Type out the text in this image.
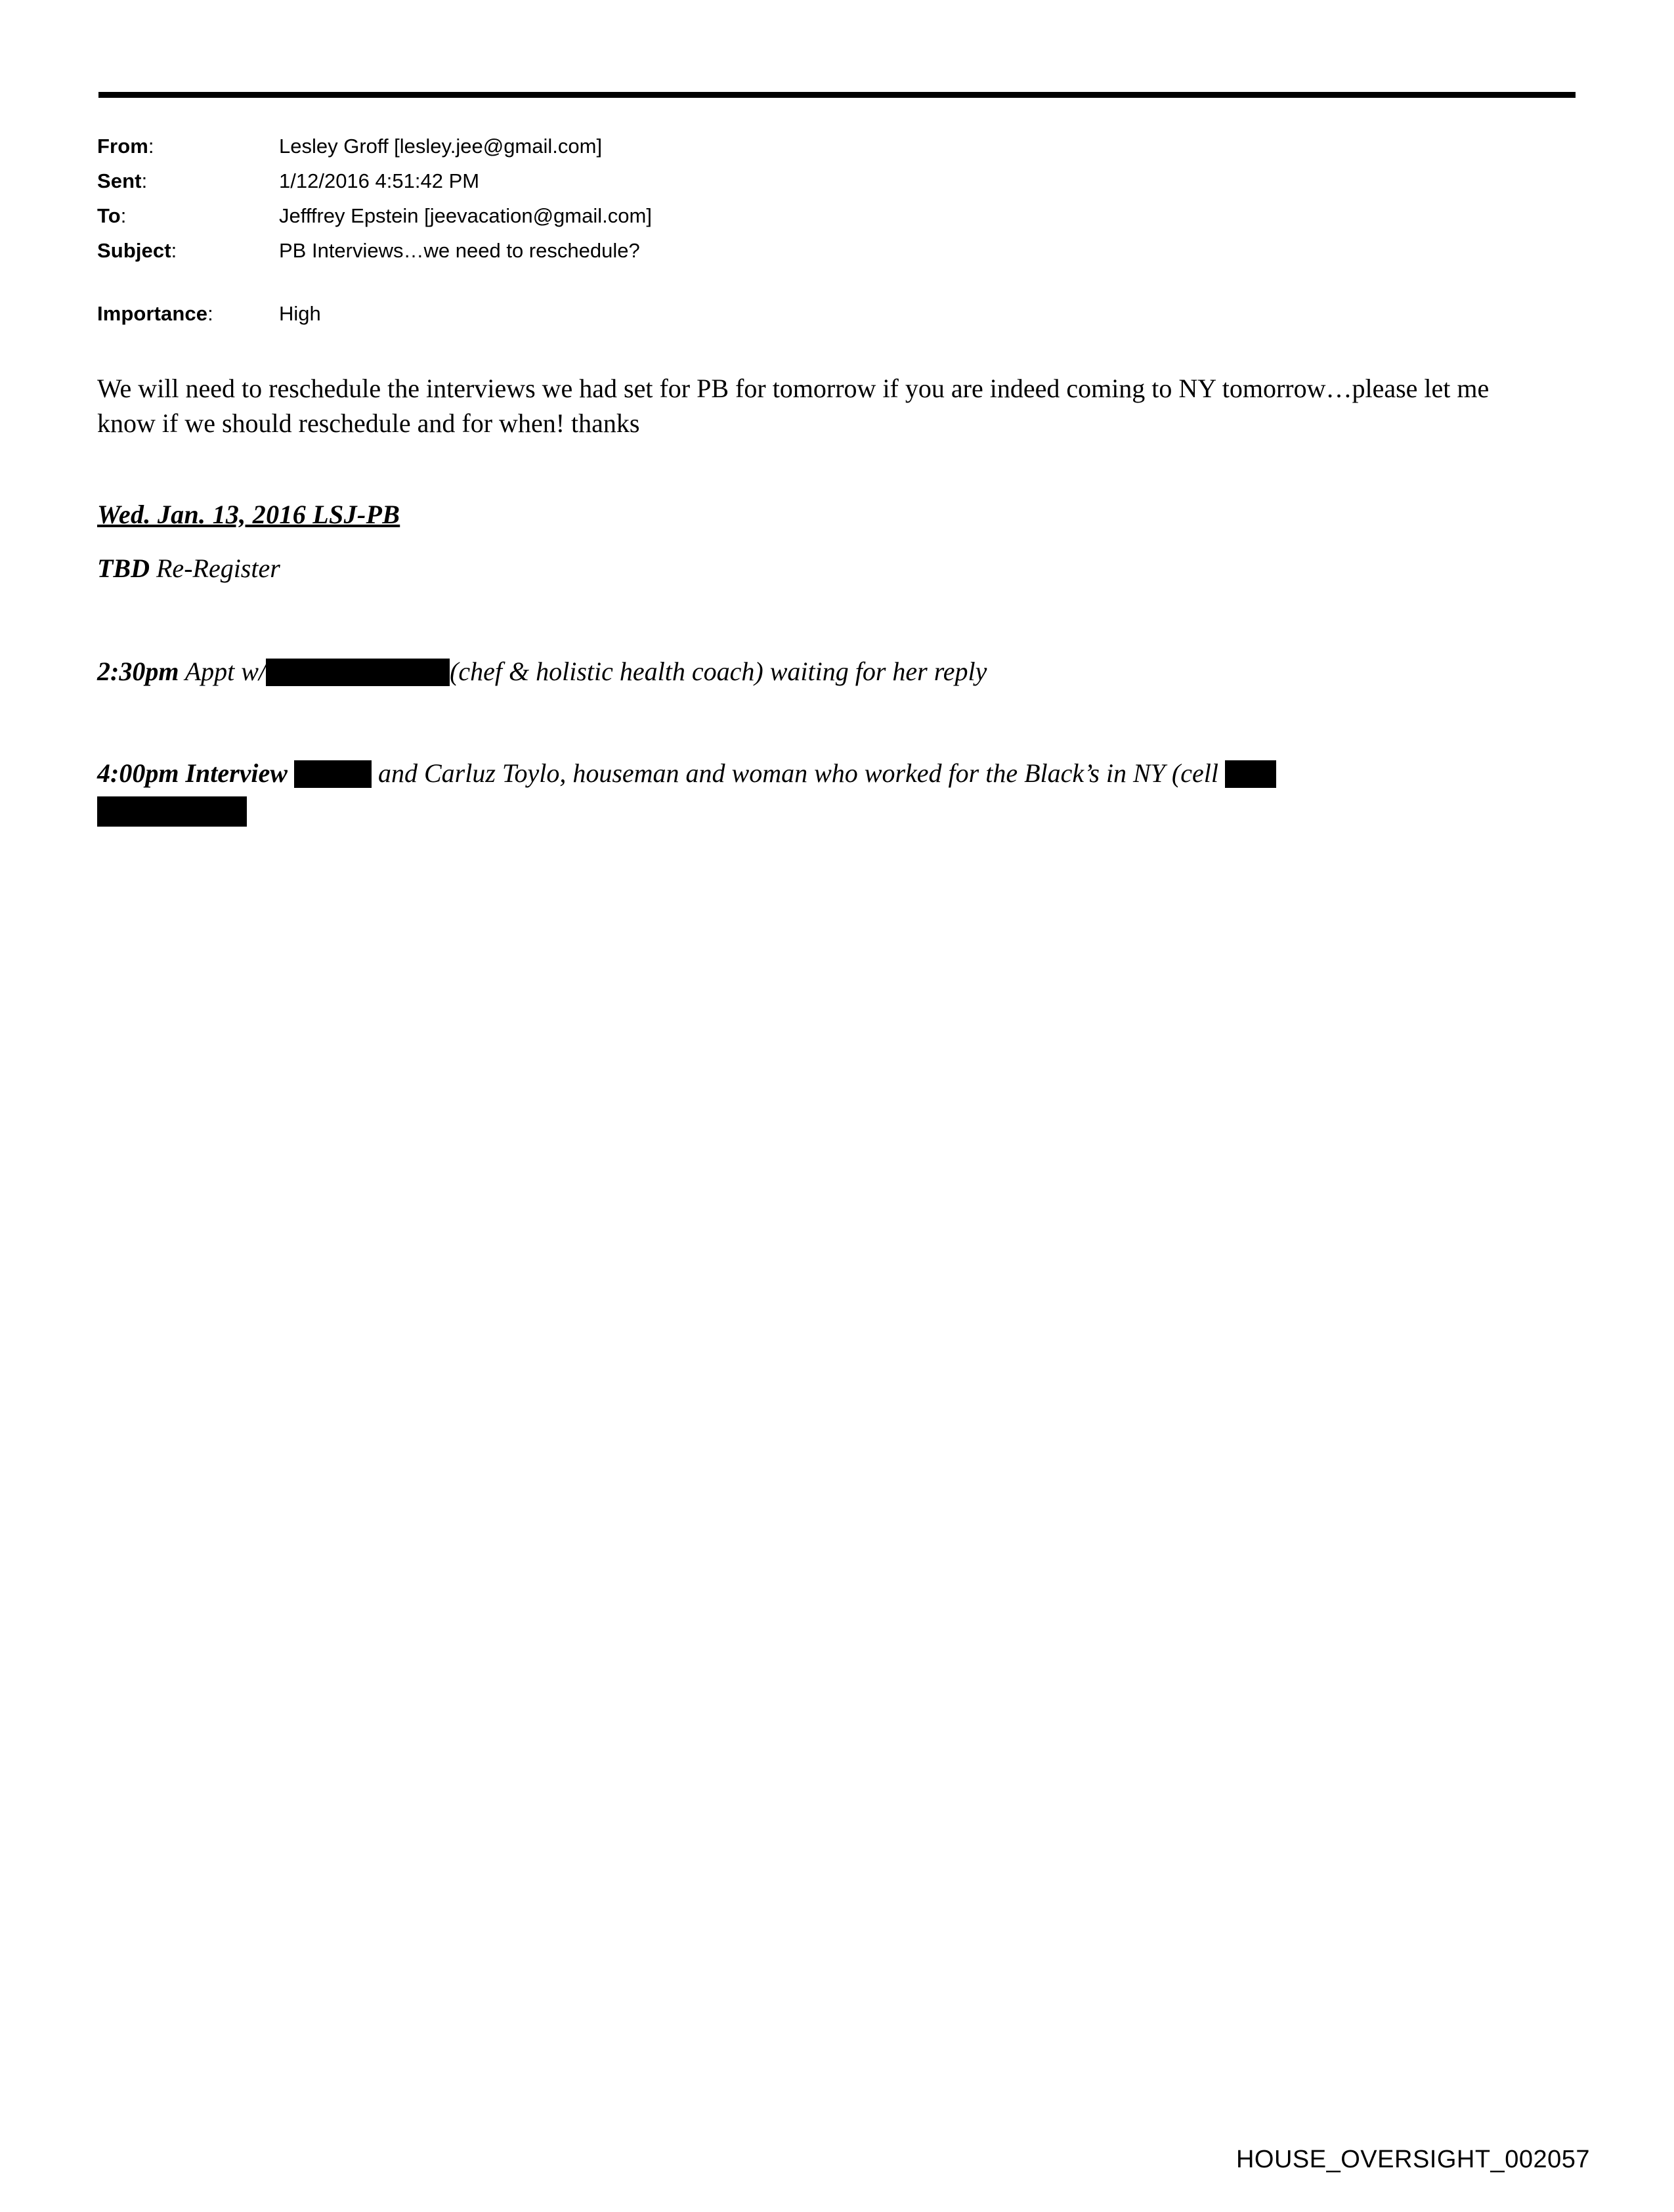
From:	Lesley Groff [lesley.jee@gmail.com]
Sent:	1/12/2016 4:51:42 PM
To:	Jefffrey Epstein [jeevacation@gmail.com]
Subject:	PB Interviews…we need to reschedule?
Importance:	High
We will need to reschedule the interviews we had set for PB for tomorrow if you are indeed coming to NY tomorrow…please let me know if we should reschedule and for when! thanks
Wed. Jan. 13, 2016 LSJ-PB
TBD Re-Register
2:30pm Appt w/	(chef & holistic health coach) waiting for her reply
4:00pm Interview	and Carluz Toylo, houseman and woman who worked for the Black’s in NY (cell
HOUSE_OVERSIGHT_002057
